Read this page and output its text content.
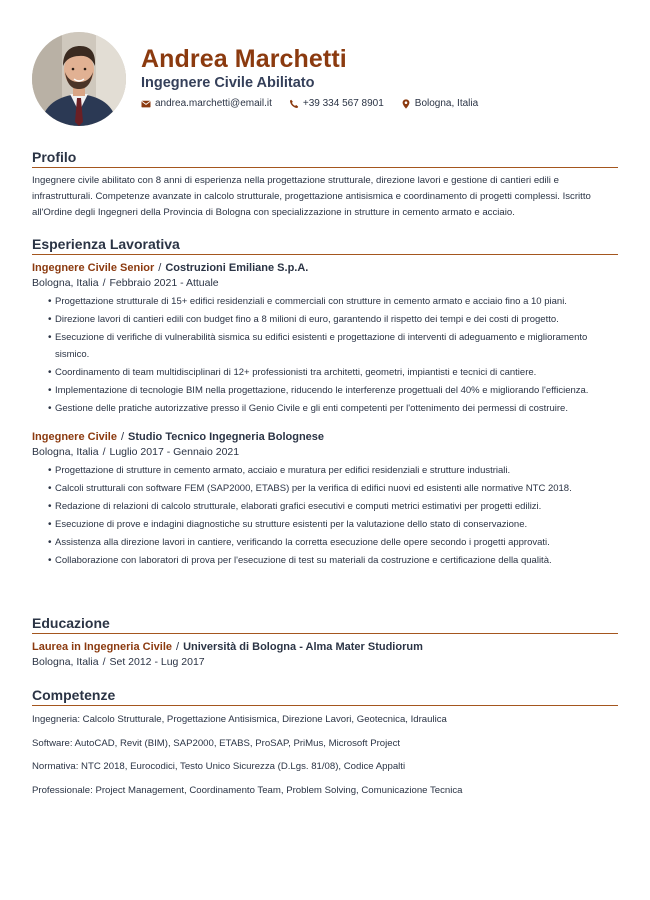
Andrea Marchetti
Ingegnere Civile Abilitato
andrea.marchetti@email.it	+39 334 567 8901	Bologna, Italia
Profilo
Ingegnere civile abilitato con 8 anni di esperienza nella progettazione strutturale, direzione lavori e gestione di cantieri edili e infrastrutturali. Competenze avanzate in calcolo strutturale, progettazione antisismica e coordinamento di progetti complessi. Iscritto all'Ordine degli Ingegneri della Provincia di Bologna con specializzazione in strutture in cemento armato e acciaio.
Esperienza Lavorativa
Ingegnere Civile Senior / Costruzioni Emiliane S.p.A.
Bologna, Italia / Febbraio 2021 - Attuale
• Progettazione strutturale di 15+ edifici residenziali e commerciali con strutture in cemento armato e acciaio fino a 10 piani.
• Direzione lavori di cantieri edili con budget fino a 8 milioni di euro, garantendo il rispetto dei tempi e dei costi di progetto.
• Esecuzione di verifiche di vulnerabilità sismica su edifici esistenti e progettazione di interventi di adeguamento e miglioramento sismico.
• Coordinamento di team multidisciplinari di 12+ professionisti tra architetti, geometri, impiantisti e tecnici di cantiere.
• Implementazione di tecnologie BIM nella progettazione, riducendo le interferenze progettuali del 40% e migliorando l'efficienza.
• Gestione delle pratiche autorizzative presso il Genio Civile e gli enti competenti per l'ottenimento dei permessi di costruire.
Ingegnere Civile / Studio Tecnico Ingegneria Bolognese
Bologna, Italia / Luglio 2017 - Gennaio 2021
• Progettazione di strutture in cemento armato, acciaio e muratura per edifici residenziali e strutture industriali.
• Calcoli strutturali con software FEM (SAP2000, ETABS) per la verifica di edifici nuovi ed esistenti alle normative NTC 2018.
• Redazione di relazioni di calcolo strutturale, elaborati grafici esecutivi e computi metrici estimativi per progetti edilizi.
• Esecuzione di prove e indagini diagnostiche su strutture esistenti per la valutazione dello stato di conservazione.
• Assistenza alla direzione lavori in cantiere, verificando la corretta esecuzione delle opere secondo i progetti approvati.
• Collaborazione con laboratori di prova per l'esecuzione di test su materiali da costruzione e certificazione della qualità.
Educazione
Laurea in Ingegneria Civile / Università di Bologna - Alma Mater Studiorum
Bologna, Italia / Set 2012 - Lug 2017
Competenze
Ingegneria: Calcolo Strutturale, Progettazione Antisismica, Direzione Lavori, Geotecnica, Idraulica
Software: AutoCAD, Revit (BIM), SAP2000, ETABS, ProSAP, PriMus, Microsoft Project
Normativa: NTC 2018, Eurocodici, Testo Unico Sicurezza (D.Lgs. 81/08), Codice Appalti
Professionale: Project Management, Coordinamento Team, Problem Solving, Comunicazione Tecnica
